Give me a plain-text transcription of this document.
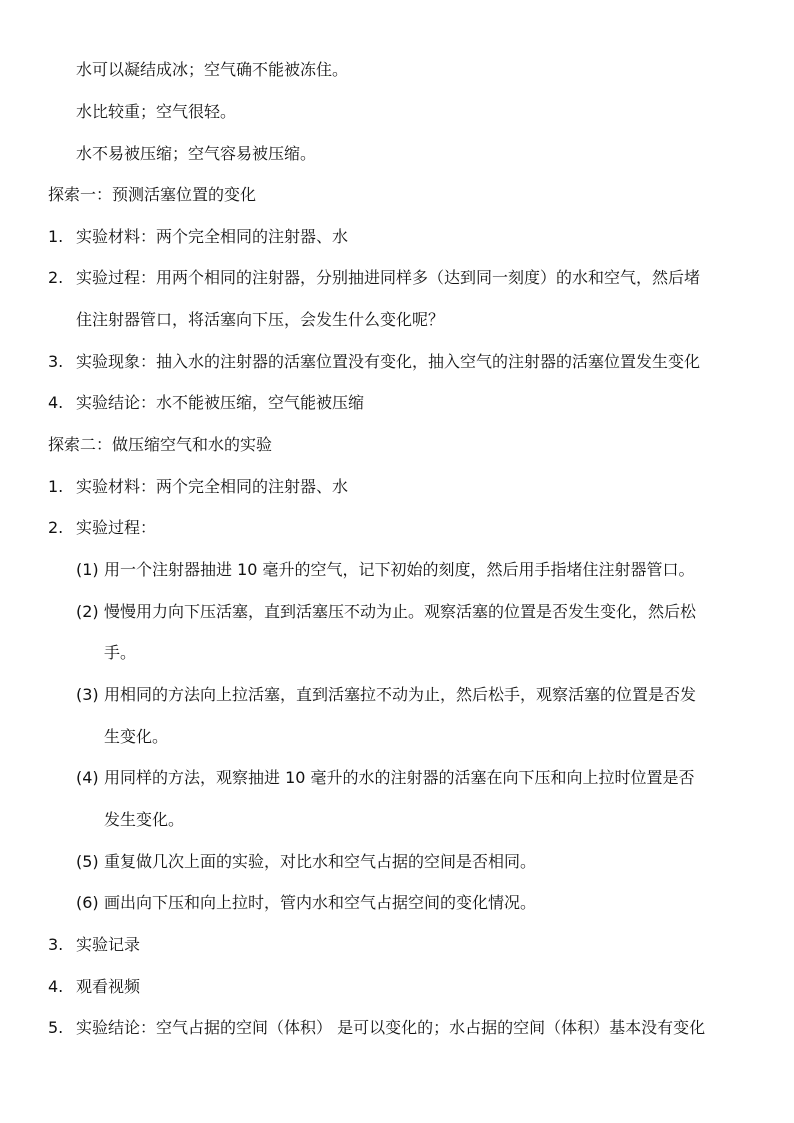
水可以凝结成冰；空气确不能被冻住。
水比较重；空气很轻。
水不易被压缩；空气容易被压缩。
探索一：预测活塞位置的变化
1. 实验材料：两个完全相同的注射器、水
2. 实验过程：用两个相同的注射器，分别抽进同样多（达到同一刻度）的水和空气，然后堵
住注射器管口，将活塞向下压，会发生什么变化呢？
3. 实验现象：抽入水的注射器的活塞位置没有变化，抽入空气的注射器的活塞位置发生变化
4. 实验结论：水不能被压缩，空气能被压缩
探索二：做压缩空气和水的实验
1. 实验材料：两个完全相同的注射器、水
2. 实验过程：
(1) 用一个注射器抽进 10 毫升的空气，记下初始的刻度，然后用手指堵住注射器管口。
(2) 慢慢用力向下压活塞，直到活塞压不动为止。观察活塞的位置是否发生变化，然后松
手。
(3) 用相同的方法向上拉活塞，直到活塞拉不动为止，然后松手，观察活塞的位置是否发
生变化。
(4) 用同样的方法，观察抽进 10 毫升的水的注射器的活塞在向下压和向上拉时位置是否
发生变化。
(5) 重复做几次上面的实验，对比水和空气占据的空间是否相同。
(6) 画出向下压和向上拉时，管内水和空气占据空间的变化情况。
3. 实验记录
4. 观看视频
5. 实验结论：空气占据的空间（体积） 是可以变化的；水占据的空间（体积）基本没有变化
